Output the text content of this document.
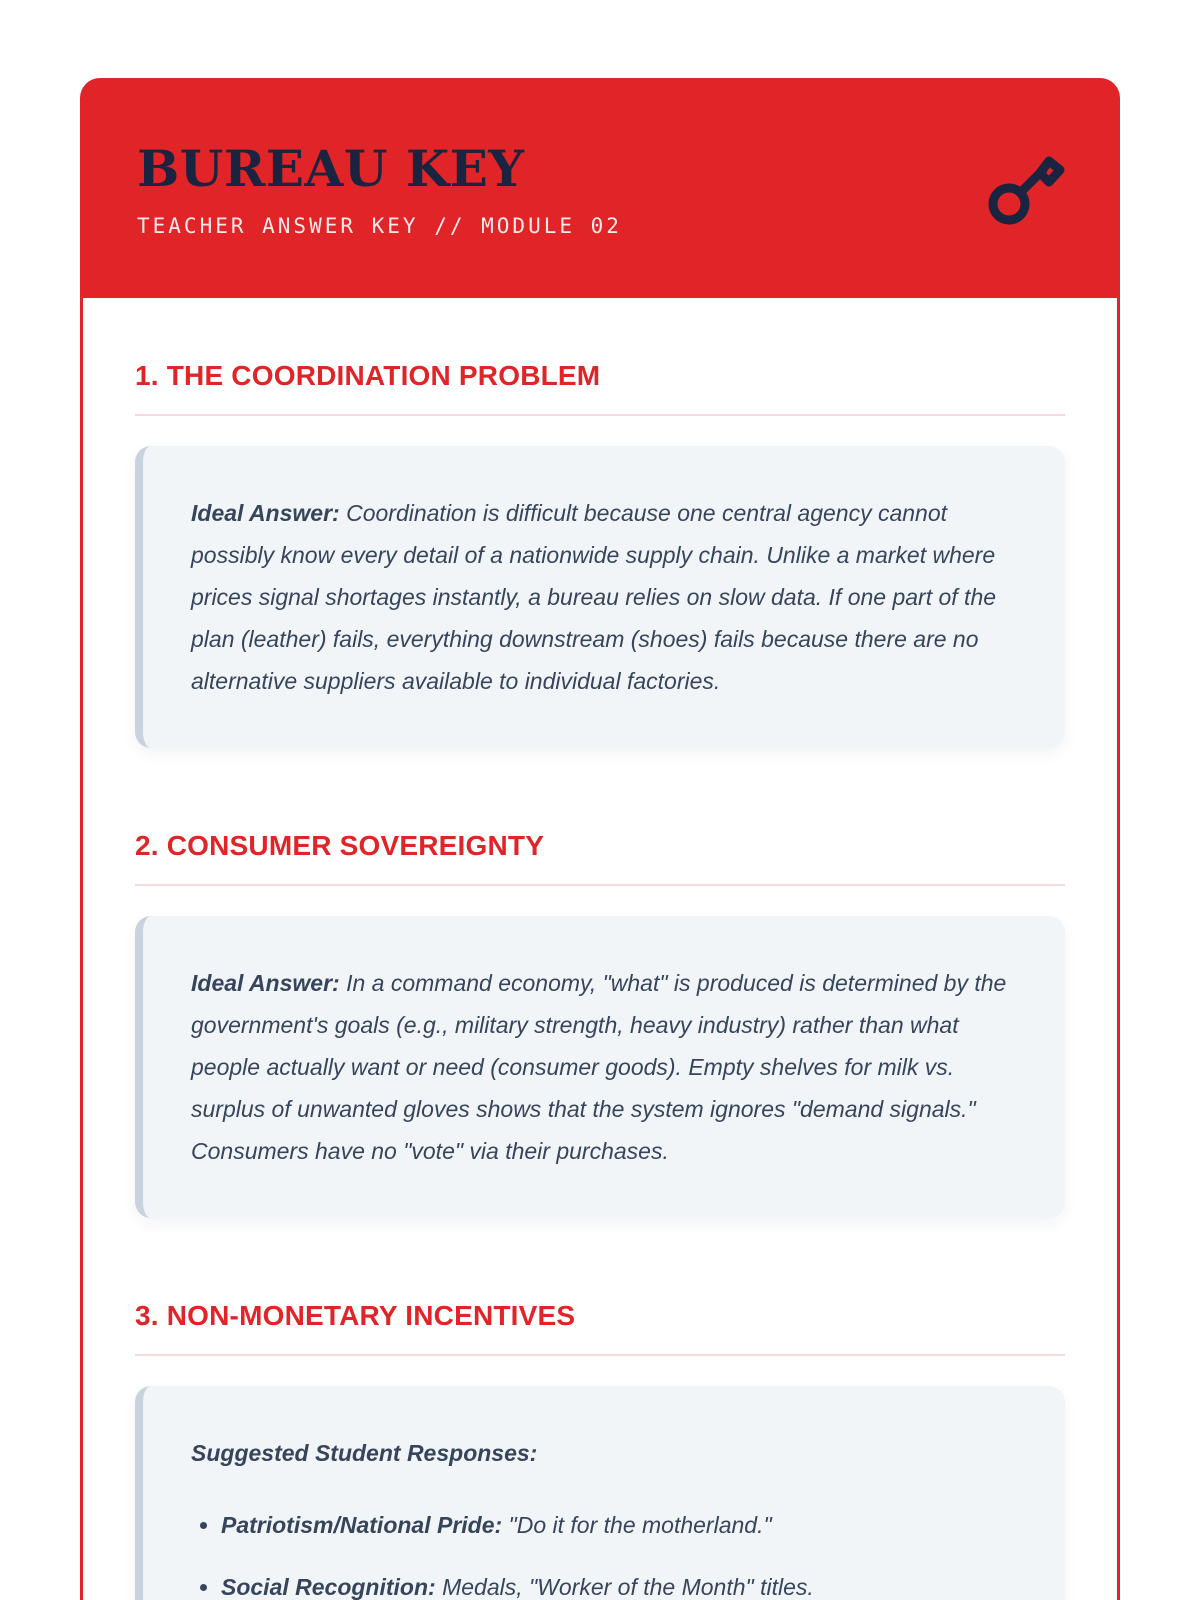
BUREAU KEY
TEACHER ANSWER KEY // MODULE 02
1. THE COORDINATION PROBLEM

Ideal Answer: Coordination is difficult because one central agency cannot possibly know every detail of a nationwide supply chain. Unlike a market where prices signal shortages instantly, a bureau relies on slow data. If one part of the plan (leather) fails, everything downstream (shoes) fails because there are no alternative suppliers available to individual factories.

2. CONSUMER SOVEREIGNTY

Ideal Answer: In a command economy, "what" is produced is determined by the government's goals (e.g., military strength, heavy industry) rather than what people actually want or need (consumer goods). Empty shelves for milk vs. surplus of unwanted gloves shows that the system ignores "demand signals." Consumers have no "vote" via their purchases.

3. NON-MONETARY INCENTIVES

Suggested Student Responses:

• Patriotism/National Pride: "Do it for the motherland."
• Social Recognition: Medals, "Worker of the Month" titles.
